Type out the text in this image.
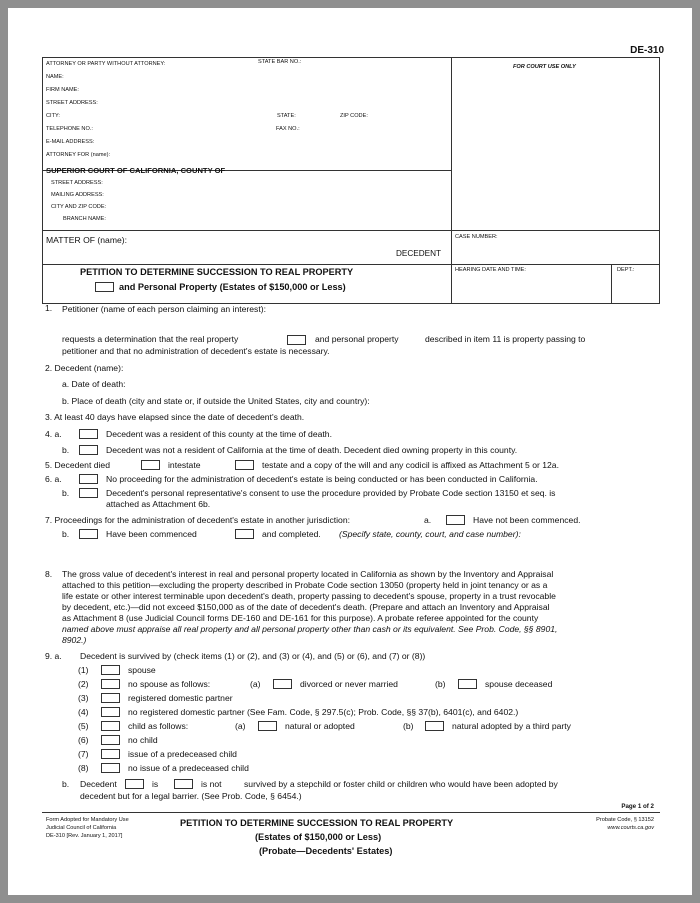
DE-310
ATTORNEY OR PARTY WITHOUT ATTORNEY:	STATE BAR NO.:
NAME:
FIRM NAME:
STREET ADDRESS:
CITY:	STATE:	ZIP CODE:
TELEPHONE NO.:	FAX NO.:
E-MAIL ADDRESS:
ATTORNEY FOR (name):
FOR COURT USE ONLY
SUPERIOR COURT OF CALIFORNIA, COUNTY OF
STREET ADDRESS:
MAILING ADDRESS:
CITY AND ZIP CODE:
BRANCH NAME:
MATTER OF (name):
DECEDENT
CASE NUMBER:
PETITION TO DETERMINE SUCCESSION TO REAL PROPERTY
and Personal Property (Estates of $150,000 or Less)
HEARING DATE AND TIME:	DEPT.:
1. Petitioner (name of each person claiming an interest):
requests a determination that the real property	and personal property	described in item 11 is property passing to
petitioner and that no administration of decedent's estate is necessary.
2. Decedent (name):
a. Date of death:
b. Place of death (city and state or, if outside the United States, city and country):
3. At least 40 days have elapsed since the date of decedent's death.
4. a.	Decedent was a resident of this county at the time of death.
b.	Decedent was not a resident of California at the time of death. Decedent died owning property in this county.
5. Decedent died	intestate	testate and a copy of the will and any codicil is affixed as Attachment 5 or 12a.
6. a.	No proceeding for the administration of decedent's estate is being conducted or has been conducted in California.
b.	Decedent's personal representative's consent to use the procedure provided by Probate Code section 13150 et seq. is
attached as Attachment 6b.
7. Proceedings for the administration of decedent's estate in another jurisdiction:	a.	Have not been commenced.
b.	Have been commenced	and completed. (Specify state, county, court, and case number):
8. The gross value of decedent's interest in real and personal property located in California as shown by the Inventory and Appraisal
attached to this petition—excluding the property described in Probate Code section 13050 (property held in joint tenancy or as a
life estate or other interest terminable upon decedent's death, property passing to decedent's spouse, property in a trust revocable
by decedent, etc.)—did not exceed $150,000 as of the date of decedent's death. (Prepare and attach an Inventory and Appraisal
as Attachment 8 (use Judicial Council forms DE-160 and DE-161 for this purpose). A probate referee appointed for the county
named above must appraise all real property and all personal property other than cash or its equivalent. See Prob. Code, §§ 8901,
8902.)
9. a. Decedent is survived by (check items (1) or (2), and (3) or (4), and (5) or (6), and (7) or (8))
(1)	spouse
(2)	no spouse as follows:	(a)	divorced or never married	(b)	spouse deceased
(3)	registered domestic partner
(4)	no registered domestic partner (See Fam. Code, § 297.5(c); Prob. Code, §§ 37(b), 6401(c), and 6402.)
(5)	child as follows:	(a)	natural or adopted	(b)	natural adopted by a third party
(6)	no child
(7)	issue of a predeceased child
(8)	no issue of a predeceased child
b. Decedent	is	is not	survived by a stepchild or foster child or children who would have been adopted by
decedent but for a legal barrier. (See Prob. Code, § 6454.)
Page 1 of 2
Form Adopted for Mandatory Use
Judicial Council of California
DE-310 [Rev. January 1, 2017]
PETITION TO DETERMINE SUCCESSION TO REAL PROPERTY
(Estates of $150,000 or Less)
(Probate—Decedents' Estates)
Probate Code, § 13152
www.courts.ca.gov
